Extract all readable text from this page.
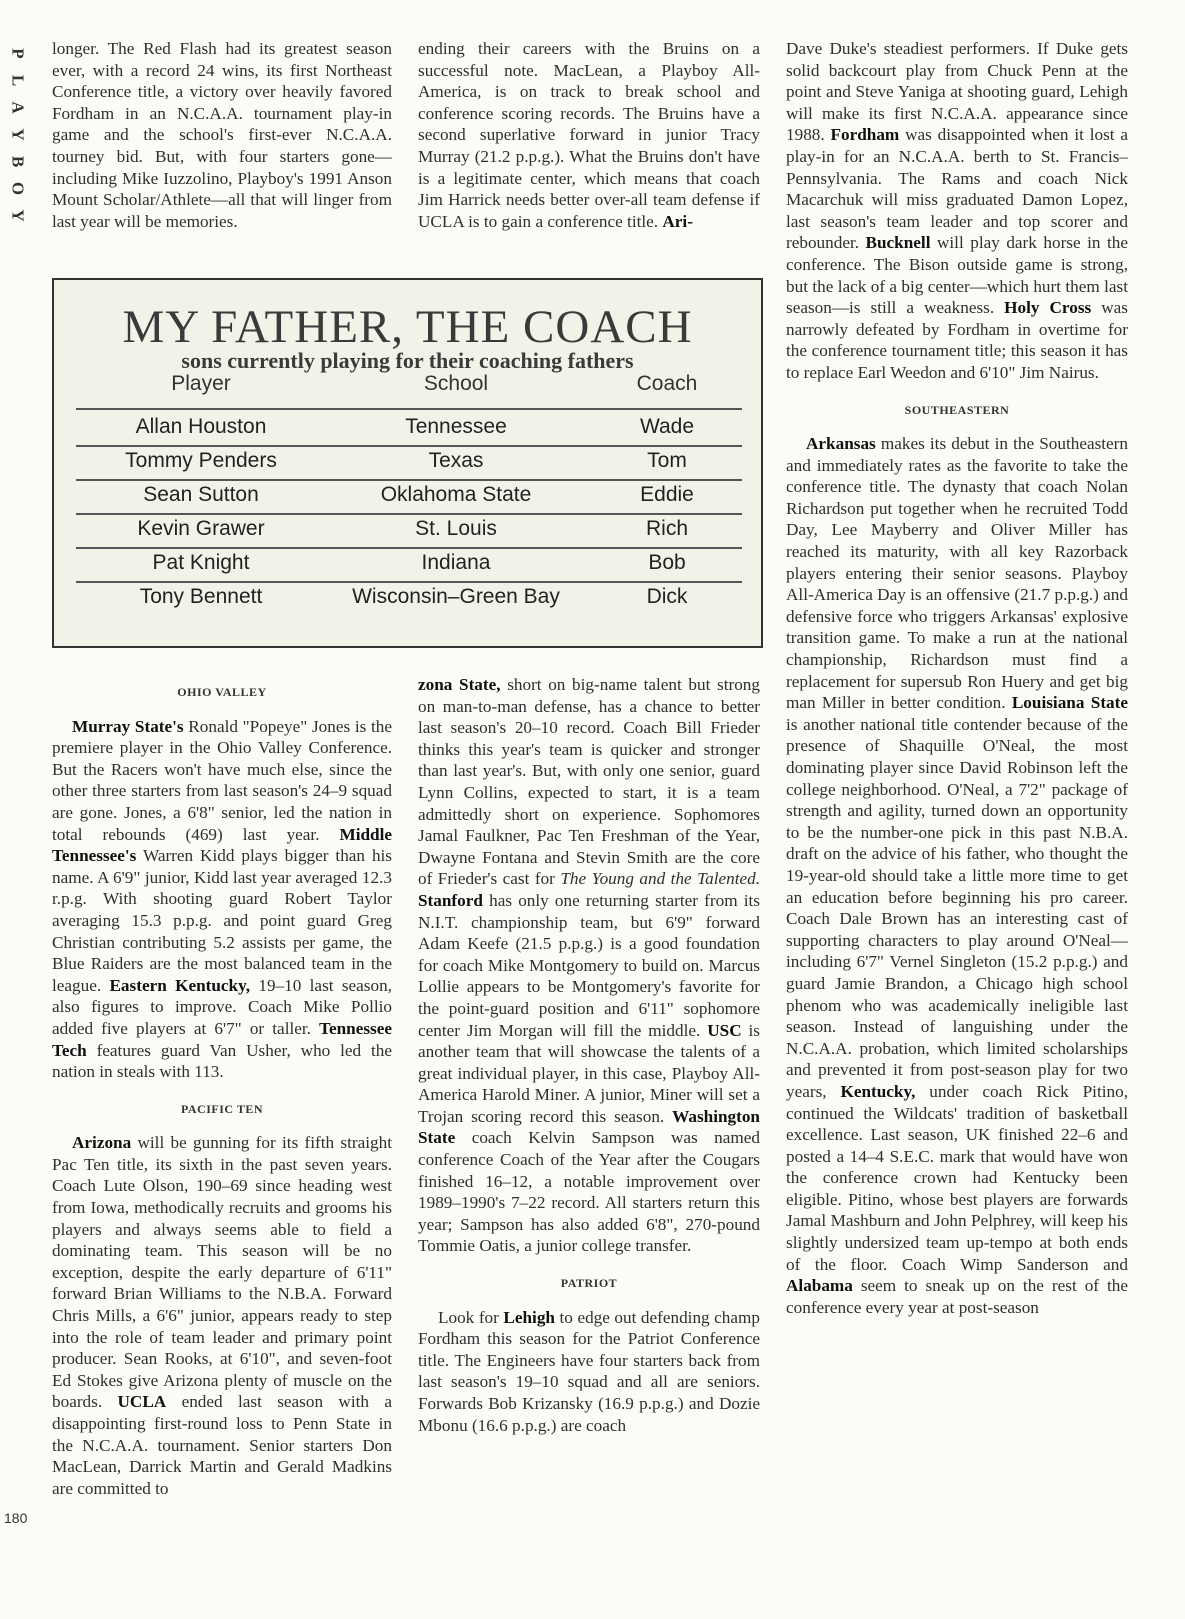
P
L
A
Y
B
O
Y
180

longer. The Red Flash had its greatest season ever, with a record 24 wins, its first Northeast Conference title, a victory over heavily favored Fordham in an N.C.A.A. tournament play-in game and the school's first-ever N.C.A.A. tourney bid. But, with four starters gone—including Mike Iuzzolino, Playboy's 1991 Anson Mount Scholar/Athlete—all that will linger from last year will be memories.

ending their careers with the Bruins on a successful note. MacLean, a Playboy All-America, is on track to break school and conference scoring records. The Bruins have a second superlative forward in junior Tracy Murray (21.2 p.p.g.). What the Bruins don't have is a legitimate center, which means that coach Jim Harrick needs better over-all team defense if UCLA is to gain a conference title. Ari-

MY FATHER, THE COACH
sons currently playing for their coaching fathers
Player	School	Coach
Allan Houston	Tennessee	Wade
Tommy Penders	Texas	Tom
Sean Sutton	Oklahoma State	Eddie
Kevin Grawer	St. Louis	Rich
Pat Knight	Indiana	Bob
Tony Bennett	Wisconsin–Green Bay	Dick
OHIO VALLEY

Murray State's Ronald "Popeye" Jones is the premiere player in the Ohio Valley Conference. But the Racers won't have much else, since the other three starters from last season's 24–9 squad are gone. Jones, a 6'8" senior, led the nation in total rebounds (469) last year. Middle Tennessee's Warren Kidd plays bigger than his name. A 6'9" junior, Kidd last year averaged 12.3 r.p.g. With shooting guard Robert Taylor averaging 15.3 p.p.g. and point guard Greg Christian contributing 5.2 assists per game, the Blue Raiders are the most balanced team in the league. Eastern Kentucky, 19–10 last season, also figures to improve. Coach Mike Pollio added five players at 6'7" or taller. Tennessee Tech features guard Van Usher, who led the nation in steals with 113.

PACIFIC TEN

Arizona will be gunning for its fifth straight Pac Ten title, its sixth in the past seven years. Coach Lute Olson, 190–69 since heading west from Iowa, methodically recruits and grooms his players and always seems able to field a dominating team. This season will be no exception, despite the early departure of 6'11" forward Brian Williams to the N.B.A. Forward Chris Mills, a 6'6" junior, appears ready to step into the role of team leader and primary point producer. Sean Rooks, at 6'10", and seven-foot Ed Stokes give Arizona plenty of muscle on the boards. UCLA ended last season with a disappointing first-round loss to Penn State in the N.C.A.A. tournament. Senior starters Don MacLean, Darrick Martin and Gerald Madkins are committed to

zona State, short on big-name talent but strong on man-to-man defense, has a chance to better last season's 20–10 record. Coach Bill Frieder thinks this year's team is quicker and stronger than last year's. But, with only one senior, guard Lynn Collins, expected to start, it is a team admittedly short on experience. Sophomores Jamal Faulkner, Pac Ten Freshman of the Year, Dwayne Fontana and Stevin Smith are the core of Frieder's cast for The Young and the Talented. Stanford has only one returning starter from its N.I.T. championship team, but 6'9" forward Adam Keefe (21.5 p.p.g.) is a good foundation for coach Mike Montgomery to build on. Marcus Lollie appears to be Montgomery's favorite for the point-guard position and 6'11" sophomore center Jim Morgan will fill the middle. USC is another team that will showcase the talents of a great individual player, in this case, Playboy All-America Harold Miner. A junior, Miner will set a Trojan scoring record this season. Washington State coach Kelvin Sampson was named conference Coach of the Year after the Cougars finished 16–12, a notable improvement over 1989–1990's 7–22 record. All starters return this year; Sampson has also added 6'8", 270-pound Tommie Oatis, a junior college transfer.

PATRIOT

Look for Lehigh to edge out defending champ Fordham this season for the Patriot Conference title. The Engineers have four starters back from last season's 19–10 squad and all are seniors. Forwards Bob Krizansky (16.9 p.p.g.) and Dozie Mbonu (16.6 p.p.g.) are coach

Dave Duke's steadiest performers. If Duke gets solid backcourt play from Chuck Penn at the point and Steve Yaniga at shooting guard, Lehigh will make its first N.C.A.A. appearance since 1988. Fordham was disappointed when it lost a play-in for an N.C.A.A. berth to St. Francis–Pennsylvania. The Rams and coach Nick Macarchuk will miss graduated Damon Lopez, last season's team leader and top scorer and rebounder. Bucknell will play dark horse in the conference. The Bison outside game is strong, but the lack of a big center—which hurt them last season—is still a weakness. Holy Cross was narrowly defeated by Fordham in overtime for the conference tournament title; this season it has to replace Earl Weedon and 6'10" Jim Nairus.

SOUTHEASTERN

Arkansas makes its debut in the Southeastern and immediately rates as the favorite to take the conference title. The dynasty that coach Nolan Richardson put together when he recruited Todd Day, Lee Mayberry and Oliver Miller has reached its maturity, with all key Razorback players entering their senior seasons. Playboy All-America Day is an offensive (21.7 p.p.g.) and defensive force who triggers Arkansas' explosive transition game. To make a run at the national championship, Richardson must find a replacement for supersub Ron Huery and get big man Miller in better condition. Louisiana State is another national title contender because of the presence of Shaquille O'Neal, the most dominating player since David Robinson left the college neighborhood. O'Neal, a 7'2" package of strength and agility, turned down an opportunity to be the number-one pick in this past N.B.A. draft on the advice of his father, who thought the 19-year-old should take a little more time to get an education before beginning his pro career. Coach Dale Brown has an interesting cast of supporting characters to play around O'Neal—including 6'7" Vernel Singleton (15.2 p.p.g.) and guard Jamie Brandon, a Chicago high school phenom who was academically ineligible last season. Instead of languishing under the N.C.A.A. probation, which limited scholarships and prevented it from post-season play for two years, Kentucky, under coach Rick Pitino, continued the Wildcats' tradition of basketball excellence. Last season, UK finished 22–6 and posted a 14–4 S.E.C. mark that would have won the conference crown had Kentucky been eligible. Pitino, whose best players are forwards Jamal Mashburn and John Pelphrey, will keep his slightly undersized team up-tempo at both ends of the floor. Coach Wimp Sanderson and Alabama seem to sneak up on the rest of the conference every year at post-season
